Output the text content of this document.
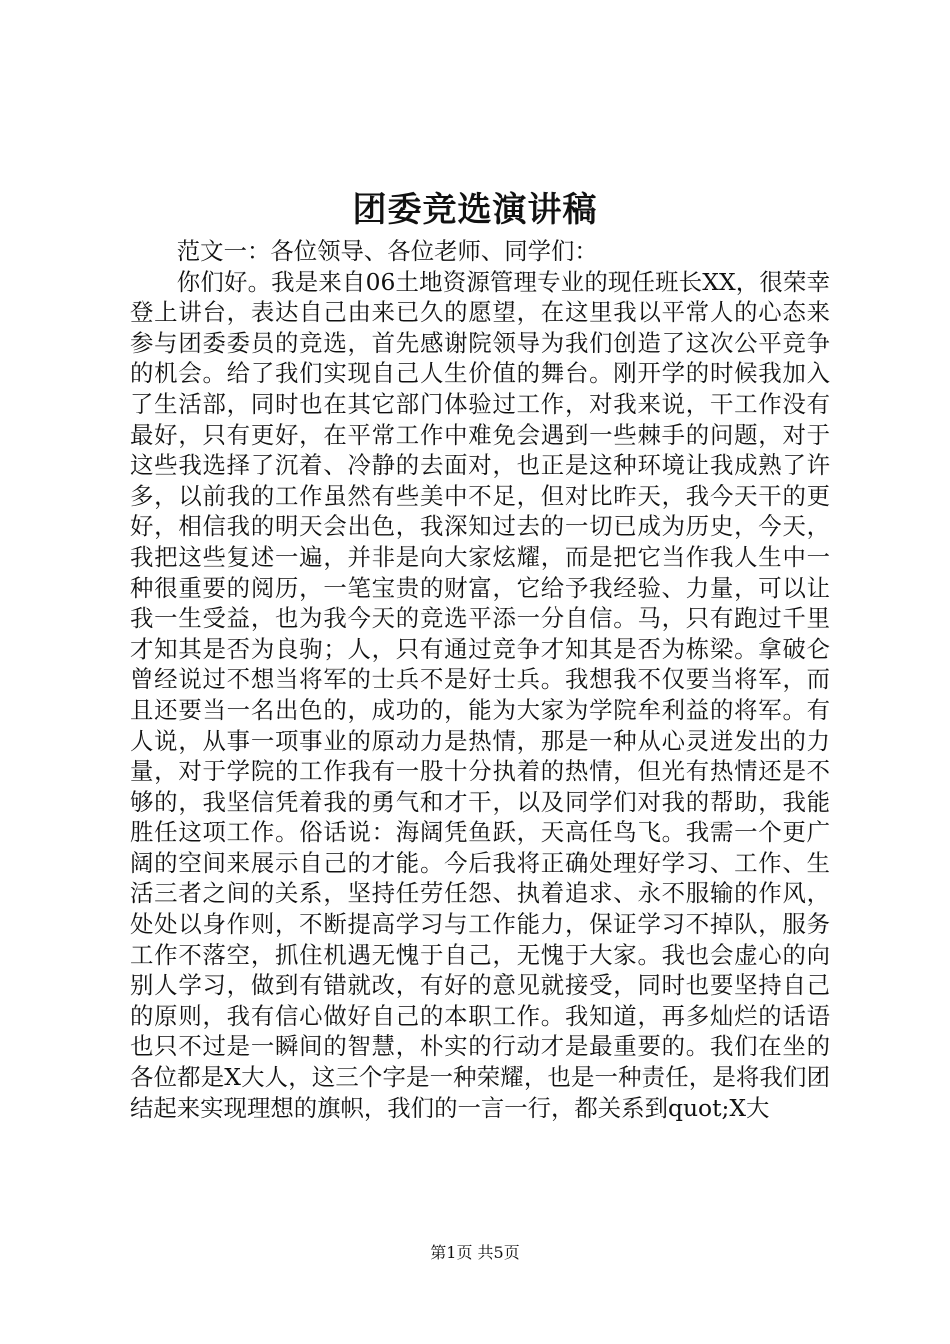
团委竞选演讲稿

范文一：各位领导、各位老师、同学们：

你们好。我是来自06土地资源管理专业的现任班长XX，很荣幸登上讲台，表达自己由来已久的愿望，在这里我以平常人的心态来参与团委委员的竞选，首先感谢院领导为我们创造了这次公平竞争的机会。给了我们实现自己人生价值的舞台。刚开学的时候我加入了生活部，同时也在其它部门体验过工作，对我来说，干工作没有最好，只有更好，在平常工作中难免会遇到一些棘手的问题，对于这些我选择了沉着、冷静的去面对，也正是这种环境让我成熟了许多，以前我的工作虽然有些美中不足，但对比昨天，我今天干的更好，相信我的明天会出色，我深知过去的一切已成为历史，今天，我把这些复述一遍，并非是向大家炫耀，而是把它当作我人生中一种很重要的阅历，一笔宝贵的财富，它给予我经验、力量，可以让我一生受益，也为我今天的竞选平添一分自信。马，只有跑过千里才知其是否为良驹；人，只有通过竞争才知其是否为栋梁。拿破仑曾经说过不想当将军的士兵不是好士兵。我想我不仅要当将军，而且还要当一名出色的，成功的，能为大家为学院牟利益的将军。有人说，从事一项事业的原动力是热情，那是一种从心灵迸发出的力量，对于学院的工作我有一股十分执着的热情，但光有热情还是不够的，我坚信凭着我的勇气和才干，以及同学们对我的帮助，我能胜任这项工作。俗话说：海阔凭鱼跃，天高任鸟飞。我需一个更广阔的空间来展示自己的才能。今后我将正确处理好学习、工作、生活三者之间的关系，坚持任劳任怨、执着追求、永不服输的作风，处处以身作则，不断提高学习与工作能力，保证学习不掉队，服务工作不落空，抓住机遇无愧于自己，无愧于大家。我也会虚心的向别人学习，做到有错就改，有好的意见就接受，同时也要坚持自己的原则，我有信心做好自己的本职工作。我知道，再多灿烂的话语也只不过是一瞬间的智慧，朴实的行动才是最重要的。我们在坐的各位都是X大人，这三个字是一种荣耀，也是一种责任，是将我们团结起来实现理想的旗帜，我们的一言一行，都关系到quot;X大

第1页 共5页
